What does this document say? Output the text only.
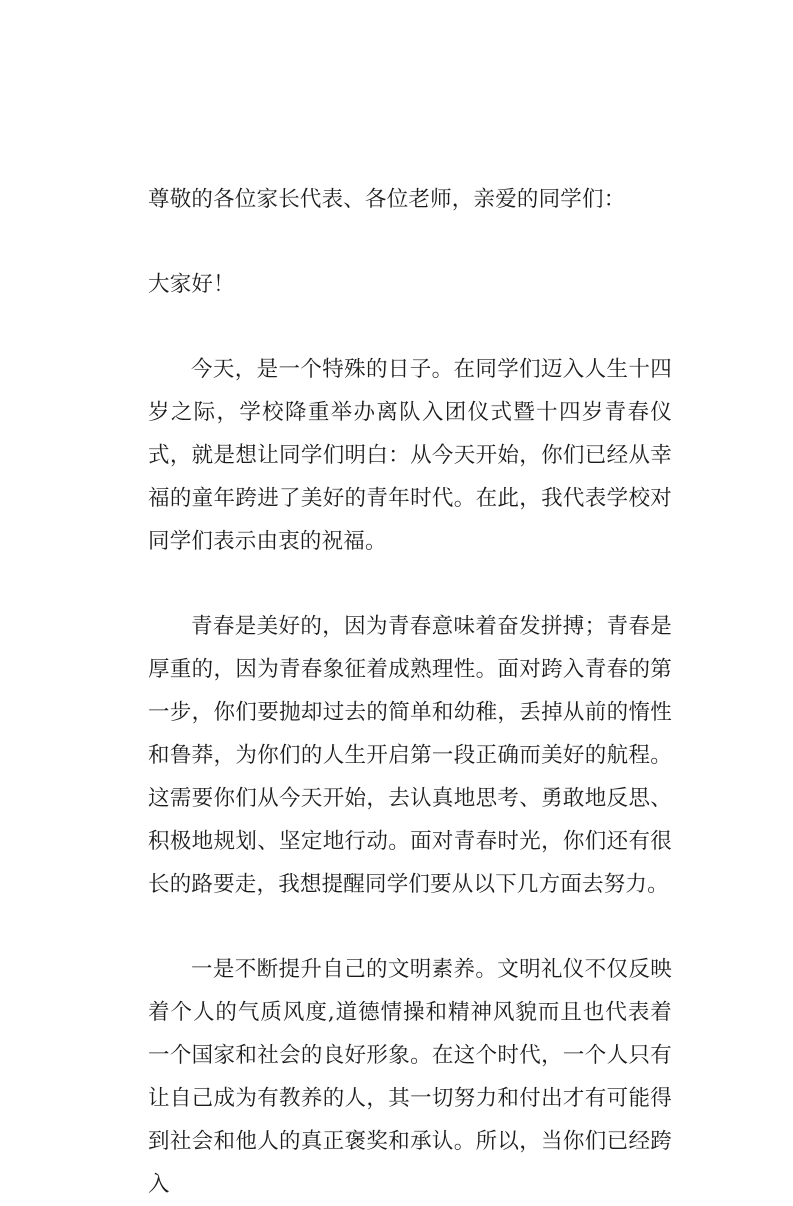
尊敬的各位家长代表、各位老师，亲爱的同学们：

大家好！

今天，是一个特殊的日子。在同学们迈入人生十四岁之际，学校降重举办离队入团仪式暨十四岁青春仪式，就是想让同学们明白：从今天开始，你们已经从幸福的童年跨进了美好的青年时代。在此，我代表学校对同学们表示由衷的祝福。

青春是美好的，因为青春意味着奋发拼搏；青春是厚重的，因为青春象征着成熟理性。面对跨入青春的第一步，你们要抛却过去的简单和幼稚，丢掉从前的惰性和鲁莽，为你们的人生开启第一段正确而美好的航程。这需要你们从今天开始，去认真地思考、勇敢地反思、积极地规划、坚定地行动。面对青春时光，你们还有很长的路要走，我想提醒同学们要从以下几方面去努力。

一是不断提升自己的文明素养。文明礼仪不仅反映着个人的气质风度,道德情操和精神风貌而且也代表着一个国家和社会的良好形象。在这个时代，一个人只有让自己成为有教养的人，其一切努力和付出才有可能得到社会和他人的真正褒奖和承认。所以，当你们已经跨入
